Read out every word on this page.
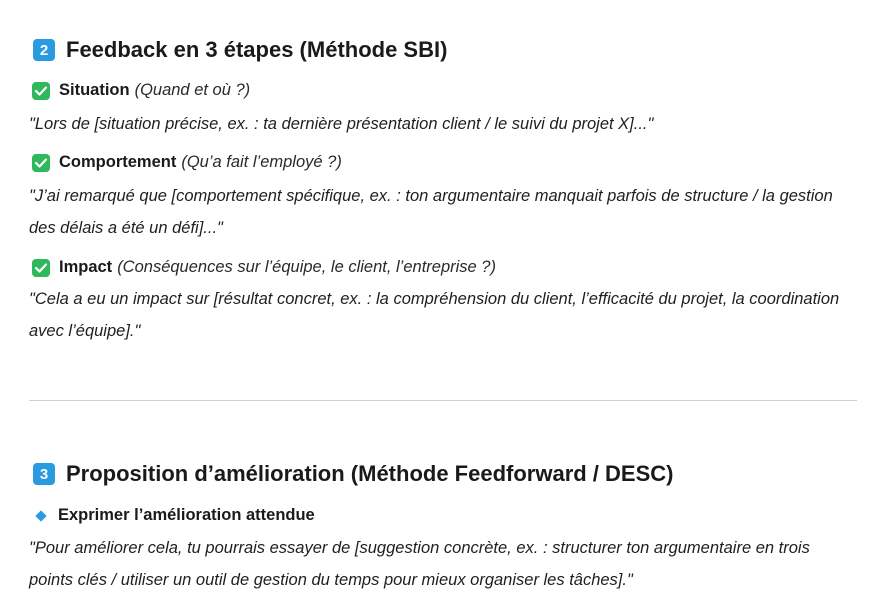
2 Feedback en 3 étapes (Méthode SBI)
Situation (Quand et où ?)
"Lors de [situation précise, ex. : ta dernière présentation client / le suivi du projet X]..."
Comportement (Qu’a fait l’employé ?)
"J’ai remarqué que [comportement spécifique, ex. : ton argumentaire manquait parfois de structure / la gestion des délais a été un défi]..."
Impact (Conséquences sur l’équipe, le client, l’entreprise ?)
"Cela a eu un impact sur [résultat concret, ex. : la compréhension du client, l’efficacité du projet, la coordination avec l’équipe]."
3 Proposition d’amélioration (Méthode Feedforward / DESC)
Exprimer l’amélioration attendue
"Pour améliorer cela, tu pourrais essayer de [suggestion concrète, ex. : structurer ton argumentaire en trois points clés / utiliser un outil de gestion du temps pour mieux organiser les tâches]."
